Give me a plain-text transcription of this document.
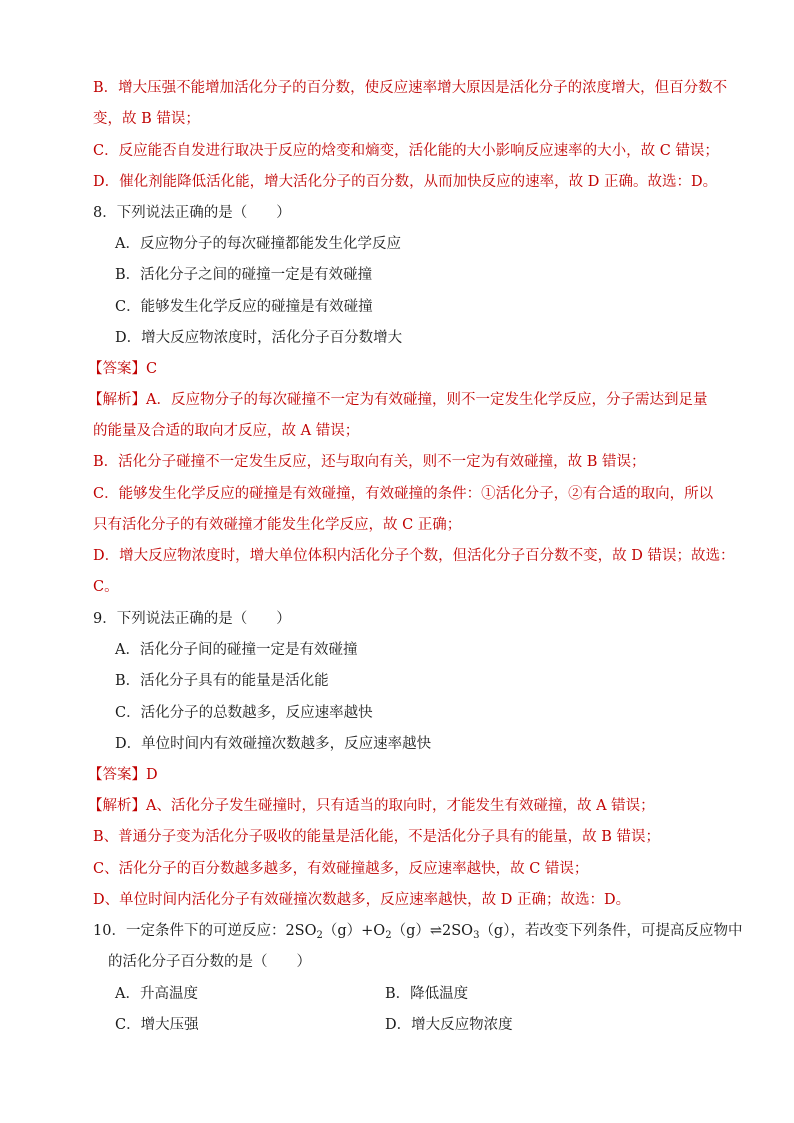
B．增大压强不能增加活化分子的百分数，使反应速率增大原因是活化分子的浓度增大，但百分数不
变，故 B 错误；
C．反应能否自发进行取决于反应的焓变和熵变，活化能的大小影响反应速率的大小，故 C 错误；
D．催化剂能降低活化能，增大活化分子的百分数，从而加快反应的速率，故 D 正确。故选：D。
8．下列说法正确的是（　　）
A．反应物分子的每次碰撞都能发生化学反应
B．活化分子之间的碰撞一定是有效碰撞
C．能够发生化学反应的碰撞是有效碰撞
D．增大反应物浓度时，活化分子百分数增大
【答案】C
【解析】A．反应物分子的每次碰撞不一定为有效碰撞，则不一定发生化学反应，分子需达到足量
的能量及合适的取向才反应，故 A 错误；
B．活化分子碰撞不一定发生反应，还与取向有关，则不一定为有效碰撞，故 B 错误；
C．能够发生化学反应的碰撞是有效碰撞，有效碰撞的条件：①活化分子，②有合适的取向，所以
只有活化分子的有效碰撞才能发生化学反应，故 C 正确；
D．增大反应物浓度时，增大单位体积内活化分子个数，但活化分子百分数不变，故 D 错误；故选：
C。
9．下列说法正确的是（　　）
A．活化分子间的碰撞一定是有效碰撞
B．活化分子具有的能量是活化能
C．活化分子的总数越多，反应速率越快
D．单位时间内有效碰撞次数越多，反应速率越快
【答案】D
【解析】A、活化分子发生碰撞时，只有适当的取向时，才能发生有效碰撞，故 A 错误；
B、普通分子变为活化分子吸收的能量是活化能，不是活化分子具有的能量，故 B 错误；
C、活化分子的百分数越多越多，有效碰撞越多，反应速率越快，故 C 错误；
D、单位时间内活化分子有效碰撞次数越多，反应速率越快，故 D 正确；故选：D。
10．一定条件下的可逆反应：$2SO_2(g)+O_2(g)\rightleftharpoons 2SO_3(g)$，若改变下列条件，可提高反应物中
的活化分子百分数的是（　　）
A．升高温度	B．降低温度
C．增大压强	D．增大反应物浓度
